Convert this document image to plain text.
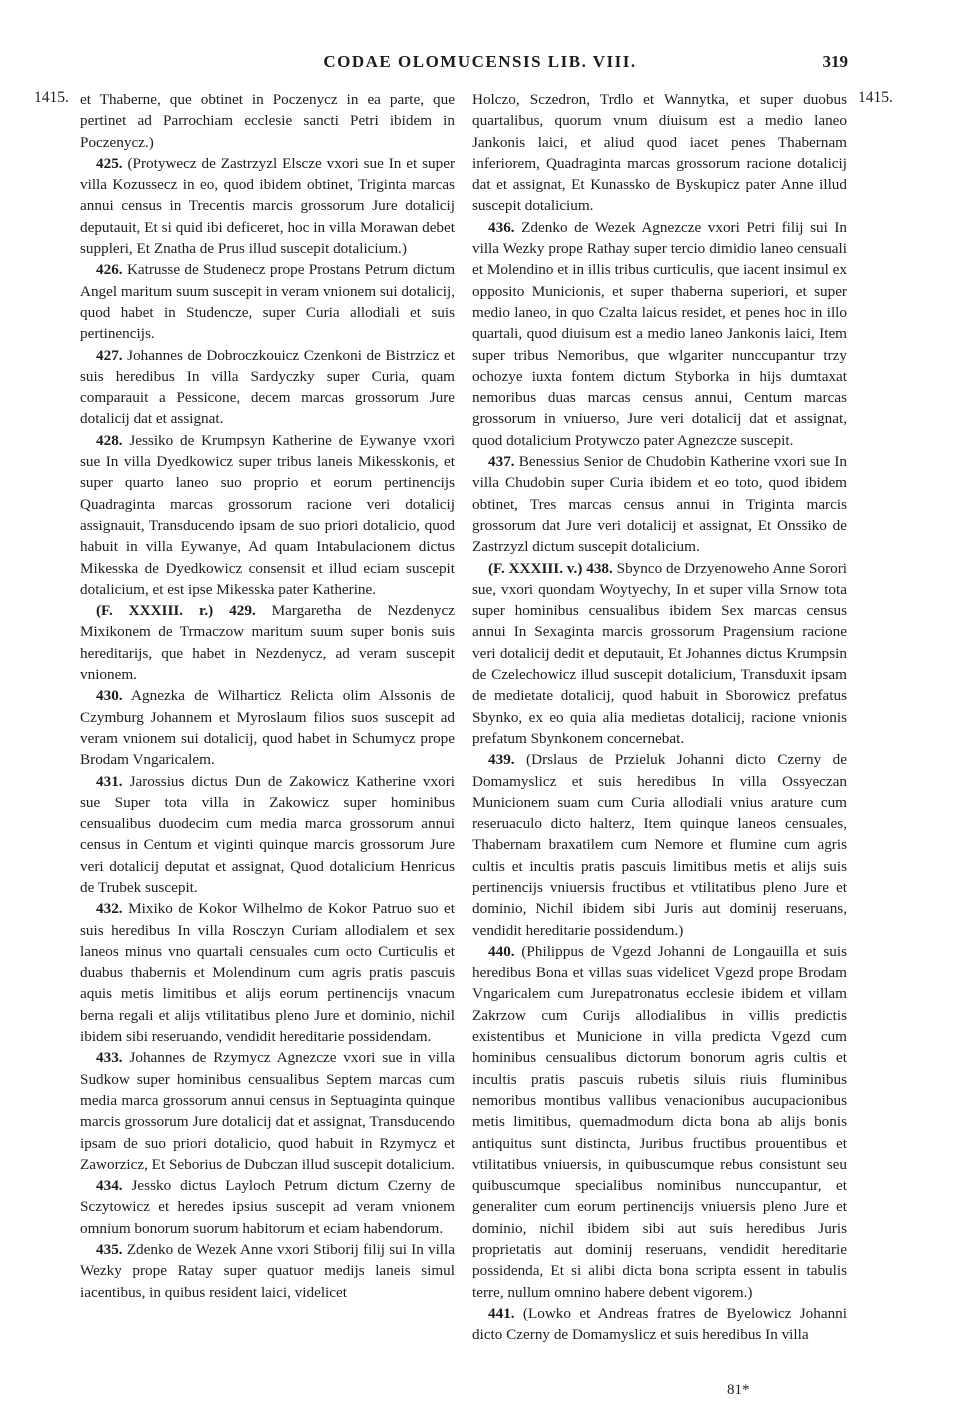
CODAE OLOMUCENSIS LIB. VIII.	319
1415.	1415.

et Thaberne, que obtinet in Poczenycz in ea parte, que pertinet ad Parrochiam ecclesie sancti Petri ibidem in Poczenycz.)

425. (Protywecz de Zastrzyzl Elscze vxori sue In et super villa Kozussecz in eo, quod ibidem obtinet, Triginta marcas annui census in Trecentis marcis grossorum Jure dotalicij deputauit, Et si quid ibi deficeret, hoc in villa Morawan debet suppleri, Et Znatha de Prus illud suscepit dotalicium.)

426. Katrusse de Studenecz prope Prostans Petrum dictum Angel maritum suum suscepit in veram vnionem sui dotalicij, quod habet in Studencze, super Curia allodiali et suis pertinencijs.

427. Johannes de Dobroczkouicz Czenkoni de Bistrzicz et suis heredibus In villa Sardyczky super Curia, quam comparauit a Pessicone, decem marcas grossorum Jure dotalicij dat et assignat.

428. Jessiko de Krumpsyn Katherine de Eywanye vxori sue In villa Dyedkowicz super tribus laneis Mikesskonis, et super quarto laneo suo proprio et eorum pertinencijs Quadraginta marcas grossorum racione veri dotalicij assignauit, Transducendo ipsam de suo priori dotalicio, quod habuit in villa Eywanye, Ad quam Intabulacionem dictus Mikesska de Dyedkowicz consensit et illud eciam suscepit dotalicium, et est ipse Mikesska pater Katherine.

(F. XXXIII. r.) 429. Margaretha de Nezdenycz Mixikonem de Trmaczow maritum suum super bonis suis hereditarijs, que habet in Nezdenycz, ad veram suscepit vnionem.

430. Agnezka de Wilharticz Relicta olim Alssonis de Czymburg Johannem et Myroslaum filios suos suscepit ad veram vnionem sui dotalicij, quod habet in Schumycz prope Brodam Vngaricalem.

431. Jarossius dictus Dun de Zakowicz Katherine vxori sue Super tota villa in Zakowicz super hominibus censualibus duodecim cum media marca grossorum annui census in Centum et viginti quinque marcis grossorum Jure veri dotalicij deputat et assignat, Quod dotalicium Henricus de Trubek suscepit.

432. Mixiko de Kokor Wilhelmo de Kokor Patruo suo et suis heredibus In villa Rosczyn Curiam allodialem et sex laneos minus vno quartali censuales cum octo Curticulis et duabus thabernis et Molendinum cum agris pratis pascuis aquis metis limitibus et alijs eorum pertinencijs vnacum berna regali et alijs vtilitatibus pleno Jure et dominio, nichil ibidem sibi reseruando, vendidit hereditarie possidendam.

433. Johannes de Rzymycz Agnezcze vxori sue in villa Sudkow super hominibus censualibus Septem marcas cum media marca grossorum annui census in Septuaginta quinque marcis grossorum Jure dotalicij dat et assignat, Transducendo ipsam de suo priori dotalicio, quod habuit in Rzymycz et Zaworzicz, Et Seborius de Dubczan illud suscepit dotalicium.

434. Jessko dictus Layloch Petrum dictum Czerny de Sczytowicz et heredes ipsius suscepit ad veram vnionem omnium bonorum suorum habitorum et eciam habendorum.

435. Zdenko de Wezek Anne vxori Stiborij filij sui In villa Wezky prope Ratay super quatuor medijs laneis simul iacentibus, in quibus resident laici, videlicet

Holczo, Sczedron, Trdlo et Wannytka, et super duobus quartalibus, quorum vnum diuisum est a medio laneo Jankonis laici, et aliud quod iacet penes Thabernam inferiorem, Quadraginta marcas grossorum racione dotalicij dat et assignat, Et Kunassko de Byskupicz pater Anne illud suscepit dotalicium.

436. Zdenko de Wezek Agnezcze vxori Petri filij sui In villa Wezky prope Rathay super tercio dimidio laneo censuali et Molendino et in illis tribus curticulis, que iacent insimul ex opposito Municionis, et super thaberna superiori, et super medio laneo, in quo Czalta laicus residet, et penes hoc in illo quartali, quod diuisum est a medio laneo Jankonis laici, Item super tribus Nemoribus, que wlgariter nunccupantur trzy ochozye iuxta fontem dictum Styborka in hijs dumtaxat nemoribus duas marcas census annui, Centum marcas grossorum in vniuerso, Jure veri dotalicij dat et assignat, quod dotalicium Protywczo pater Agnezcze suscepit.

437. Benessius Senior de Chudobin Katherine vxori sue In villa Chudobin super Curia ibidem et eo toto, quod ibidem obtinet, Tres marcas census annui in Triginta marcis grossorum dat Jure veri dotalicij et assignat, Et Onssiko de Zastrzyzl dictum suscepit dotalicium.

(F. XXXIII. v.) 438. Sbynco de Drzyenoweho Anne Sorori sue, vxori quondam Woytyechy, In et super villa Srnow tota super hominibus censualibus ibidem Sex marcas census annui In Sexaginta marcis grossorum Pragensium racione veri dotalicij dedit et deputauit, Et Johannes dictus Krumpsin de Czelechowicz illud suscepit dotalicium, Transduxit ipsam de medietate dotalicij, quod habuit in Sborowicz prefatus Sbynko, ex eo quia alia medietas dotalicij, racione vnionis prefatum Sbynkonem concernebat.

439. (Drslaus de Przieluk Johanni dicto Czerny de Domamyslicz et suis heredibus In villa Ossyeczan Municionem suam cum Curia allodiali vnius arature cum reseruaculo dicto halterz, Item quinque laneos censuales, Thabernam braxatilem cum Nemore et flumine cum agris cultis et incultis pratis pascuis limitibus metis et alijs suis pertinencijs vniuersis fructibus et vtilitatibus pleno Jure et dominio, Nichil ibidem sibi Juris aut dominij reseruans, vendidit hereditarie possidendum.)

440. (Philippus de Vgezd Johanni de Longauilla et suis heredibus Bona et villas suas videlicet Vgezd prope Brodam Vngaricalem cum Jurepatronatus ecclesie ibidem et villam Zakrzow cum Curijs allodialibus in villis predictis existentibus et Municione in villa predicta Vgezd cum hominibus censualibus dictorum bonorum agris cultis et incultis pratis pascuis rubetis siluis riuis fluminibus nemoribus montibus vallibus venacionibus aucupacionibus metis limitibus, quemadmodum dicta bona ab alijs bonis antiquitus sunt distincta, Juribus fructibus prouentibus et vtilitatibus vniuersis, in quibuscumque rebus consistunt seu quibuscumque specialibus nominibus nunccupantur, et generaliter cum eorum pertinencijs vniuersis pleno Jure et dominio, nichil ibidem sibi aut suis heredibus Juris proprietatis aut dominij reseruans, vendidit hereditarie possidenda, Et si alibi dicta bona scripta essent in tabulis terre, nullum omnino habere debent vigorem.)

441. (Lowko et Andreas fratres de Byelowicz Johanni dicto Czerny de Domamyslicz et suis heredibus In villa

81*
